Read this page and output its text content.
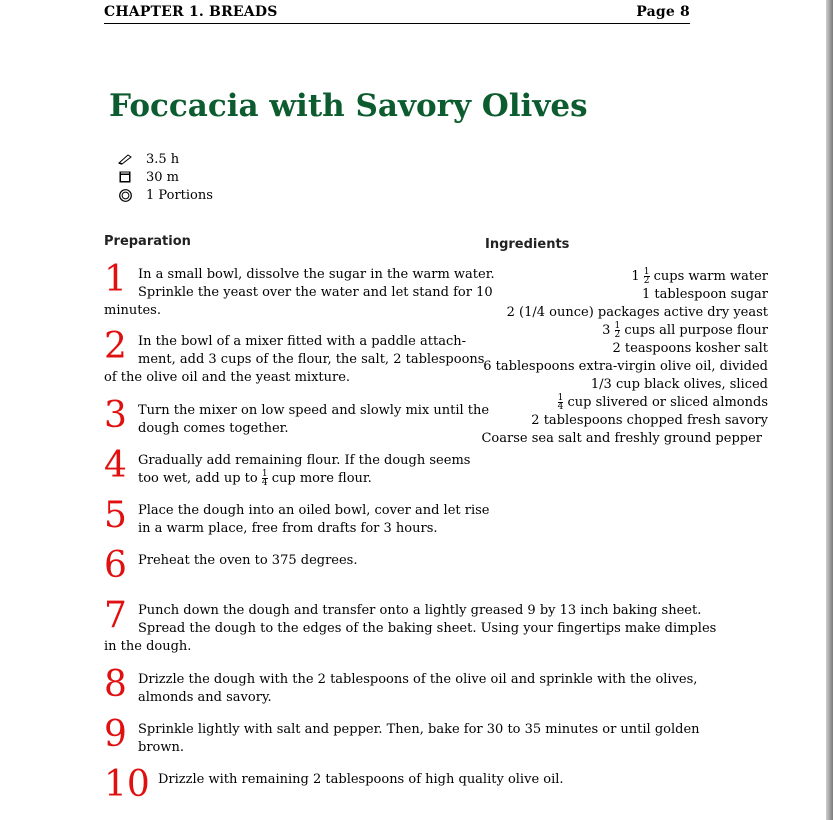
CHAPTER 1. BREADS	Page 8
Foccacia with Savory Olives
3.5 h
30 m
1 Portions
Preparation	Ingredients
1 In a small bowl, dissolve the sugar in the warm water.
Sprinkle the yeast over the water and let stand for 10
minutes.
2 In the bowl of a mixer fitted with a paddle attach-
ment, add 3 cups of the flour, the salt, 2 tablespoons
of the olive oil and the yeast mixture.
3 Turn the mixer on low speed and slowly mix until the
dough comes together.
4 Gradually add remaining flour. If the dough seems
too wet, add up to $\frac{1}{4}$ cup more flour.
5 Place the dough into an oiled bowl, cover and let rise
in a warm place, free from drafts for 3 hours.
6 Preheat the oven to 375 degrees.
7 Punch down the dough and transfer onto a lightly greased 9 by 13 inch baking sheet.
Spread the dough to the edges of the baking sheet. Using your fingertips make dimples
in the dough.
8 Drizzle the dough with the 2 tablespoons of the olive oil and sprinkle with the olives,
almonds and savory.
9 Sprinkle lightly with salt and pepper. Then, bake for 30 to 35 minutes or until golden
brown.
10 Drizzle with remaining 2 tablespoons of high quality olive oil.
$1 \frac{1}{2}$ cups warm water
1 tablespoon sugar
2 (1/4 ounce) packages active dry yeast
$3 \frac{1}{2}$ cups all purpose flour
2 teaspoons kosher salt
6 tablespoons extra-virgin olive oil, divided
1/3 cup black olives, sliced
$\frac{1}{4}$ cup slivered or sliced almonds
2 tablespoons chopped fresh savory
Coarse sea salt and freshly ground pepper
